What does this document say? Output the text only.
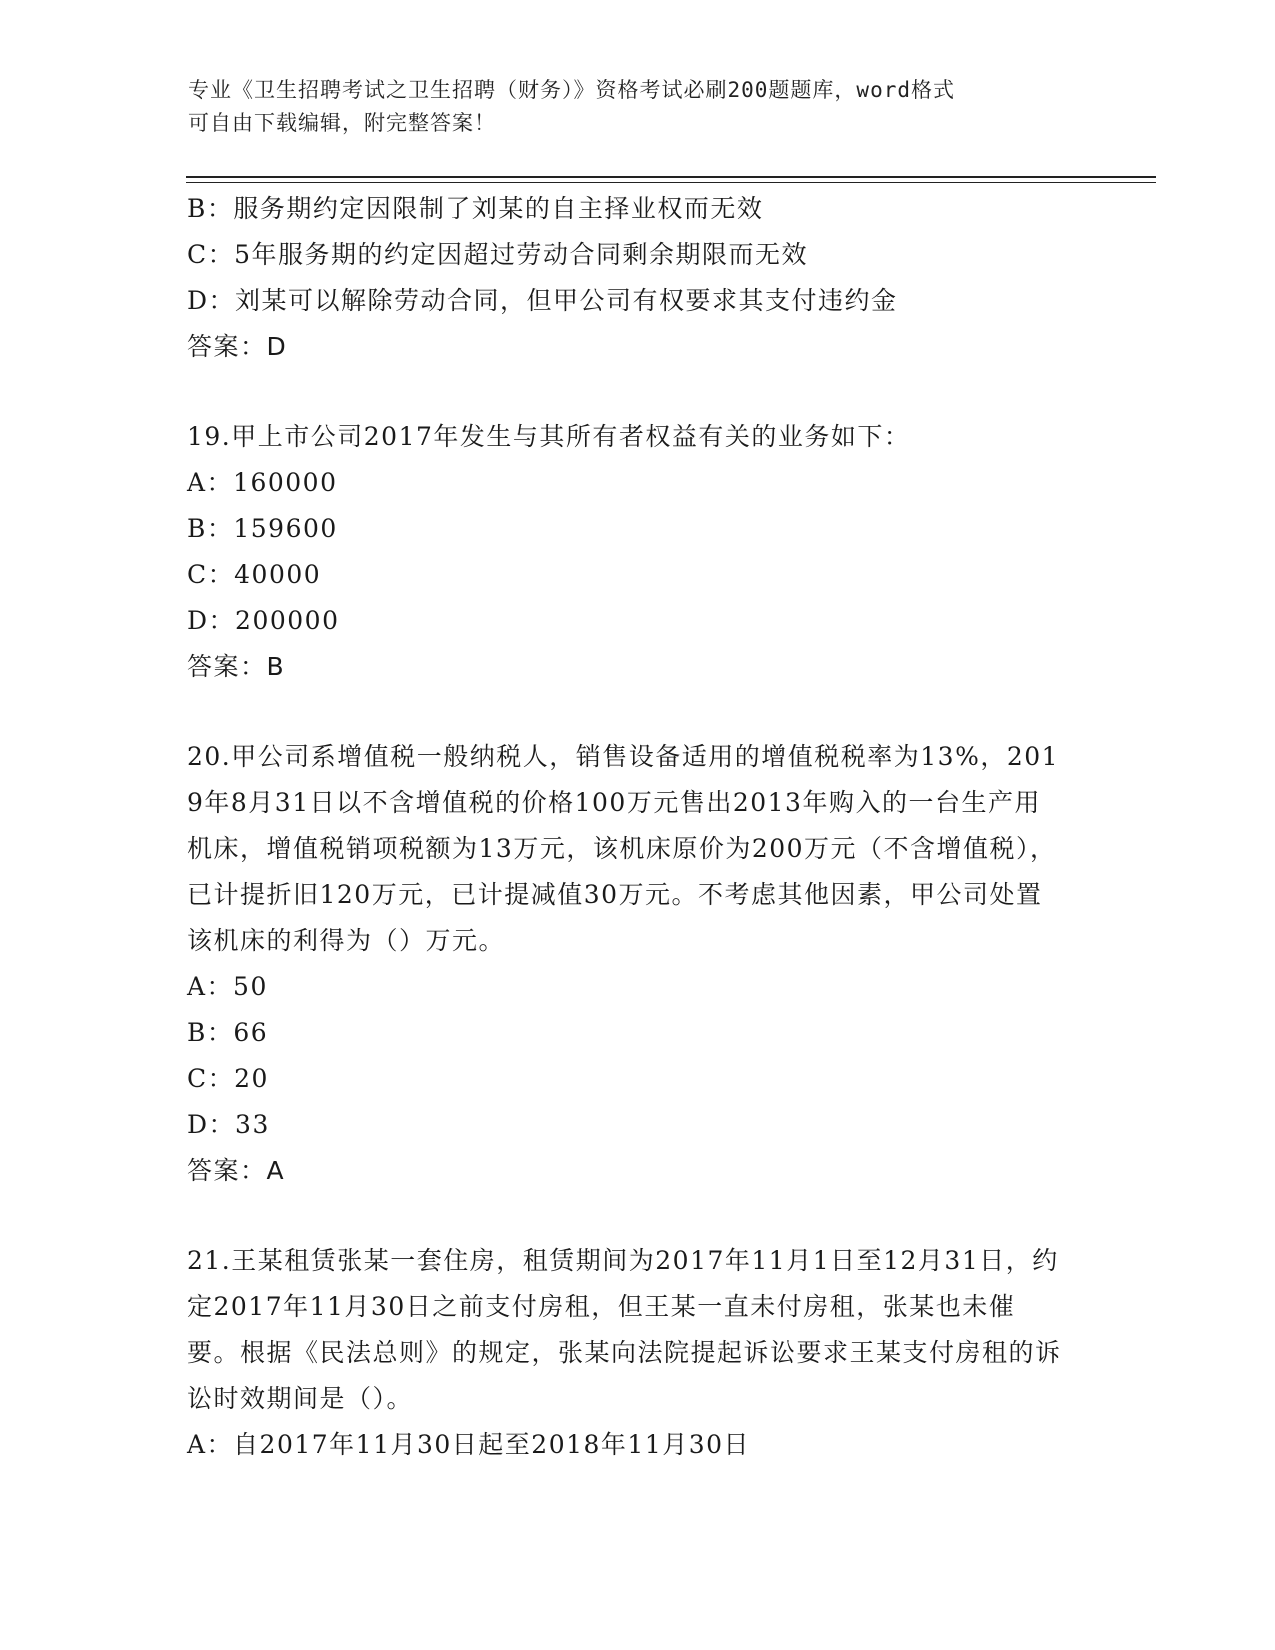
专业《卫生招聘考试之卫生招聘（财务）》资格考试必刷200题题库，word格式
可自由下载编辑，附完整答案！
B：服务期约定因限制了刘某的自主择业权而无效
C：5年服务期的约定因超过劳动合同剩余期限而无效
D：刘某可以解除劳动合同，但甲公司有权要求其支付违约金
答案：D
19.甲上市公司2017年发生与其所有者权益有关的业务如下：
A：160000
B：159600
C：40000
D：200000
答案：B
20.甲公司系增值税一般纳税人，销售设备适用的增值税税率为13%，2019年8月31日以不含增值税的价格100万元售出2013年购入的一台生产用机床，增值税销项税额为13万元，该机床原价为200万元（不含增值税），已计提折旧120万元，已计提减值30万元。不考虑其他因素，甲公司处置该机床的利得为（）万元。
A：50
B：66
C：20
D：33
答案：A
21.王某租赁张某一套住房，租赁期间为2017年11月1日至12月31日，约定2017年11月30日之前支付房租，但王某一直未付房租，张某也未催要。根据《民法总则》的规定，张某向法院提起诉讼要求王某支付房租的诉讼时效期间是（）。
A：自2017年11月30日起至2018年11月30日
